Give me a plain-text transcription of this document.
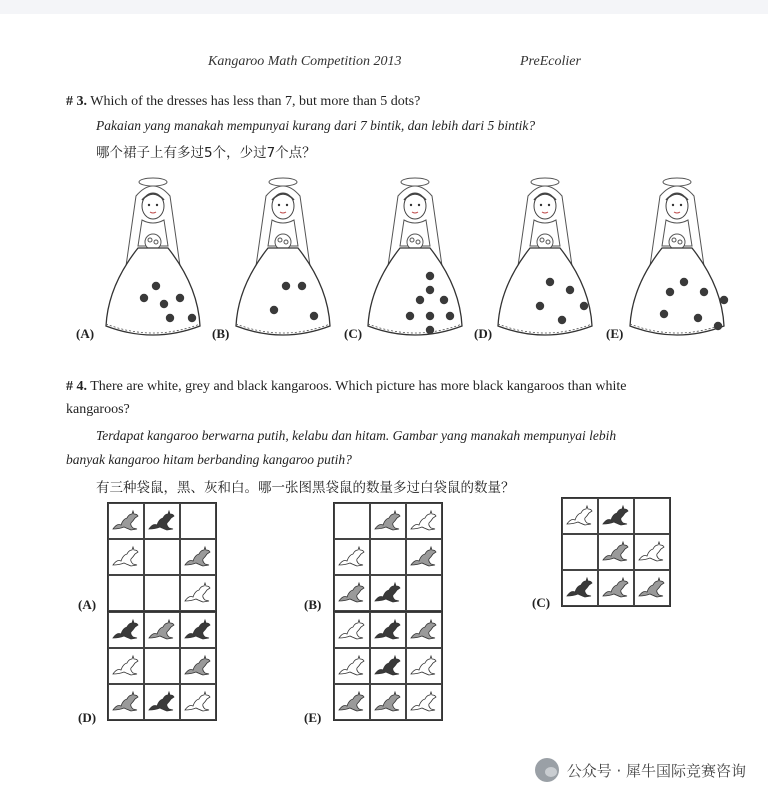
Kangaroo Math Competition 2013	PreEcolier
# 3. Which of the dresses has less than 7, but more than 5 dots?
Pakaian yang manakah mempunyai kurang dari 7 bintik, dan lebih dari 5 bintik?
哪个裙子上有多过5个，少过7个点？
(A)	(B)	(C)	(D)	(E)
# 4. There are white, grey and black kangaroos. Which picture has more black kangaroos than white
kangaroos?
Terdapat kangaroo berwarna putih, kelabu dan hitam. Gambar yang manakah mempunyai lebih
banyak kangaroo hitam berbanding kangaroo putih?
有三种袋鼠，黑、灰和白。哪一张图黑袋鼠的数量多过白袋鼠的数量？
(A)	(B)	(C)
(D)	(E)
公众号 · 犀牛国际竞赛咨询
